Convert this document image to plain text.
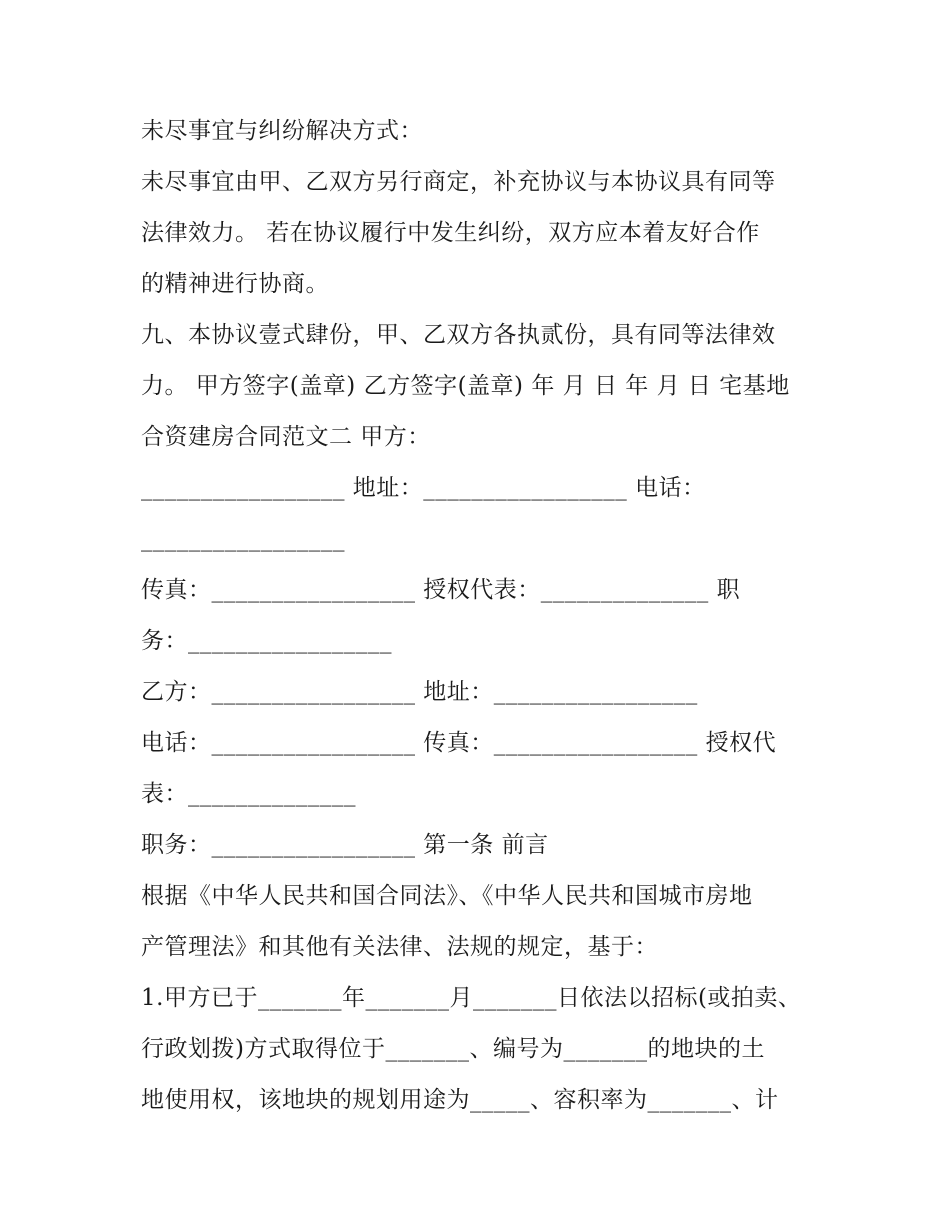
未尽事宜与纠纷解决方式：
未尽事宜由甲、乙双方另行商定，补充协议与本协议具有同等
法律效力。 若在协议履行中发生纠纷，双方应本着友好合作
的精神进行协商。
九、本协议壹式肆份，甲、乙双方各执贰份，具有同等法律效
力。 甲方签字(盖章) 乙方签字(盖章) 年 月 日 年 月 日 宅基地
合资建房合同范文二 甲方：
_________________ 地址：_________________ 电话：
_________________
传真：_________________ 授权代表：______________ 职
务：_________________
乙方：_________________ 地址：_________________
电话：_________________ 传真：_________________ 授权代
表：______________
职务：_________________ 第一条 前言
根据《中华人民共和国合同法》、《中华人民共和国城市房地
产管理法》和其他有关法律、法规的规定，基于：
1.甲方已于_______年_______月_______日依法以招标(或拍卖、
行政划拨)方式取得位于_______、编号为_______的地块的土
地使用权，该地块的规划用途为_____、容积率为_______、计
